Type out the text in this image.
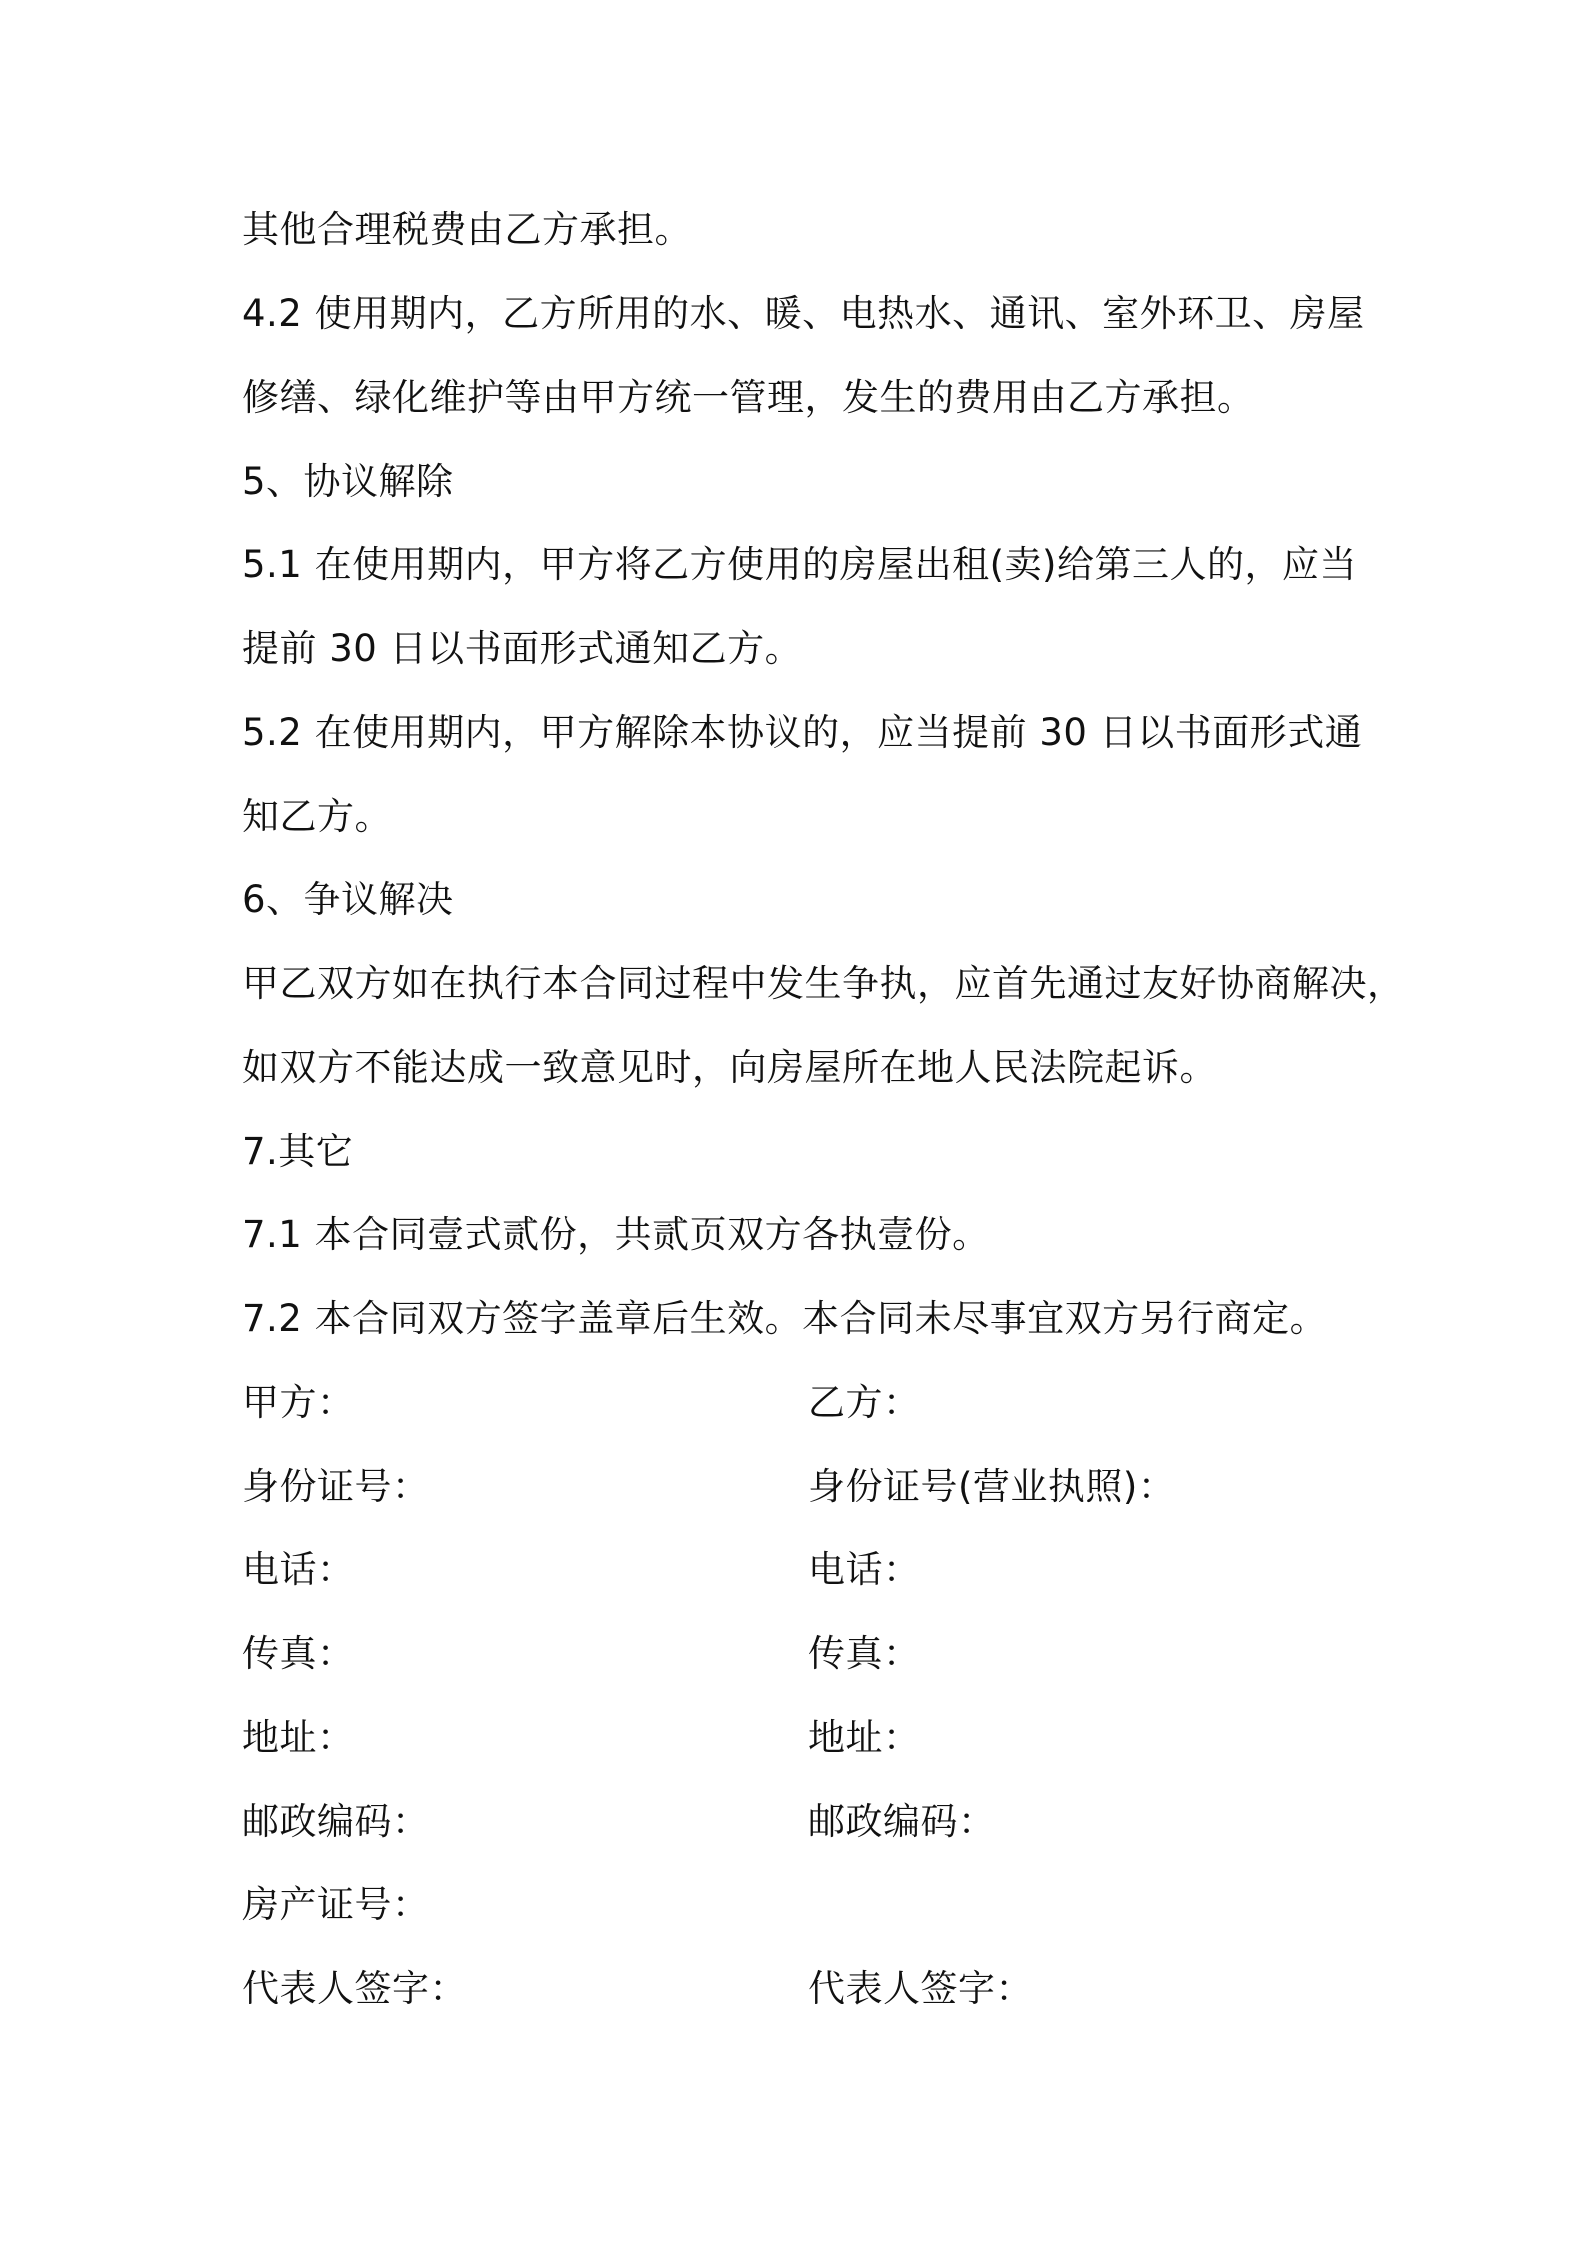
其他合理税费由乙方承担。
4.2 使用期内，乙方所用的水、暖、电热水、通讯、室外环卫、房屋
修缮、绿化维护等由甲方统一管理，发生的费用由乙方承担。
5、协议解除
5.1 在使用期内，甲方将乙方使用的房屋出租(卖)给第三人的，应当
提前 30 日以书面形式通知乙方。
5.2 在使用期内，甲方解除本协议的，应当提前 30 日以书面形式通
知乙方。
6、争议解决
甲乙双方如在执行本合同过程中发生争执，应首先通过友好协商解决，
如双方不能达成一致意见时，向房屋所在地人民法院起诉。
7.其它
7.1 本合同壹式贰份，共贰页双方各执壹份。
7.2 本合同双方签字盖章后生效。本合同未尽事宜双方另行商定。
甲方：	乙方：
身份证号：	身份证号(营业执照)：
电话：	电话：
传真：	传真：
地址：	地址：
邮政编码：	邮政编码：
房产证号：
代表人签字：	代表人签字：
